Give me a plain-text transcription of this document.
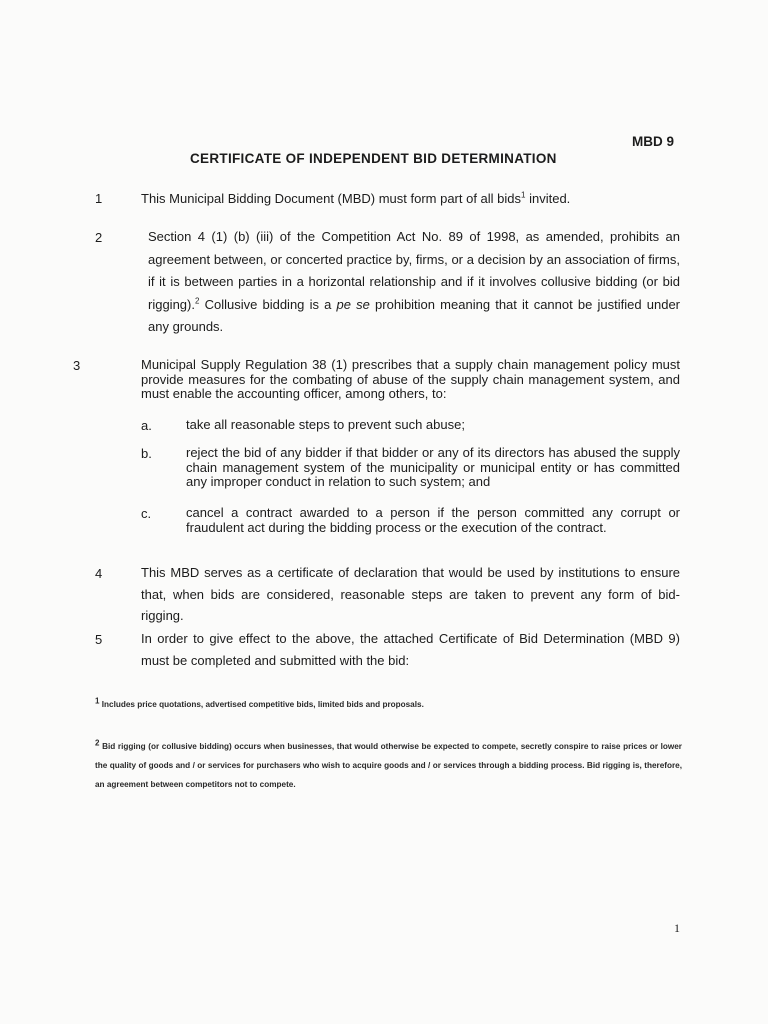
MBD 9
CERTIFICATE OF INDEPENDENT BID DETERMINATION
1	This Municipal Bidding Document (MBD) must form part of all bids$^1$ invited.
2	Section 4 (1) (b) (iii) of the Competition Act No. 89 of 1998, as amended, prohibits an agreement between, or concerted practice by, firms, or a decision by an association of firms, if it is between parties in a horizontal relationship and if it involves collusive bidding (or bid rigging).$^2$ Collusive bidding is a pe se prohibition meaning that it cannot be justified under any grounds.
3	Municipal Supply Regulation 38 (1) prescribes that a supply chain management policy must provide measures for the combating of abuse of the supply chain management system, and must enable the accounting officer, among others, to:
a.	take all reasonable steps to prevent such abuse;
b.	reject the bid of any bidder if that bidder or any of its directors has abused the supply chain management system of the municipality or municipal entity or has committed any improper conduct in relation to such system; and
c.	cancel a contract awarded to a person if the person committed any corrupt or fraudulent act during the bidding process or the execution of the contract.
4	This MBD serves as a certificate of declaration that would be used by institutions to ensure that, when bids are considered, reasonable steps are taken to prevent any form of bid-rigging.
5	In order to give effect to the above, the attached Certificate of Bid Determination (MBD 9) must be completed and submitted with the bid:
$^1$ Includes price quotations, advertised competitive bids, limited bids and proposals.
$^2$ Bid rigging (or collusive bidding) occurs when businesses, that would otherwise be expected to compete, secretly conspire to raise prices or lower the quality of goods and / or services for purchasers who wish to acquire goods and / or services through a bidding process. Bid rigging is, therefore, an agreement between competitors not to compete.
1
